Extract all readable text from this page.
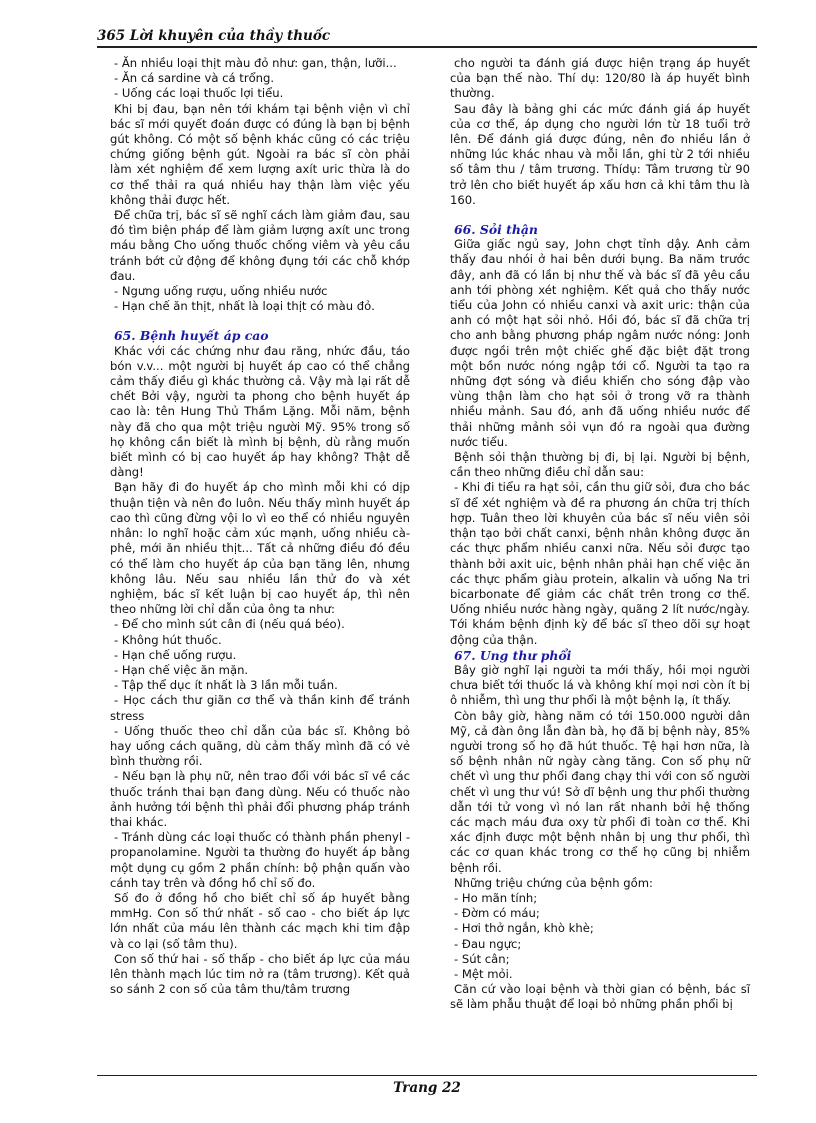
365 Lời khuyên của thầy thuốc

- Ăn nhiều loại thịt màu đỏ như: gan, thận, lưỡi...

- Ăn cá sardine và cá trổng.

- Uống các loại thuốc lợi tiểu.

Khi bị đau, bạn nên tới khám tại bệnh viện vì chỉ bác sĩ mới quyết đoán được có đúng là bạn bị bệnh gút không. Có một số bệnh khác cũng có các triệu chứng giống bệnh gút. Ngoài ra bác sĩ còn phải làm xét nghiệm để xem lượng axít uric thừa là do cơ thể thải ra quá nhiều hay thận làm việc yếu không thải được hết.

Để chữa trị, bác sĩ sẽ nghĩ cách làm giảm đau, sau đó tìm biện pháp để làm giảm lượng axít unc trong máu bằng Cho uống thuốc chống viêm và yêu cầu tránh bớt cử động để không đụng tới các chỗ khớp đau.

- Ngưng uống rượu, uống nhiều nước

- Hạn chế ăn thịt, nhất là loại thịt có màu đỏ.

65. Bệnh huyết áp cao

Khác với các chứng như đau răng, nhức đầu, táo bón v.v... một người bị huyết áp cao có thể chẳng cảm thấy điều gì khác thường cả. Vậy mà lại rất dễ chết Bởi vậy, người ta phong cho bệnh huyết áp cao là: tên Hung Thủ Thầm Lặng. Mỗi năm, bệnh này đã cho qua một triệu người Mỹ. 95% trong số họ không cần biết là mình bị bệnh, dù rằng muốn biết mình có bị cao huyết áp hay không? Thật dễ dàng!

Bạn hãy đi đo huyết áp cho mình mỗi khi có dịp thuận tiện và nên đo luôn. Nếu thấy mình huyết áp cao thì cũng đừng vội lo vì eo thể có nhiều nguyên nhân: lo nghĩ hoặc cảm xúc mạnh, uống nhiều cà-phê, mới ăn nhiều thịt... Tất cả những điều đó đều có thể làm cho huyết áp của bạn tăng lên, nhưng không lâu. Nếu sau nhiều lần thử đo và xét nghiệm, bác sĩ kết luận bị cao huyết áp, thì nên theo những lời chỉ dẫn của ông ta như:

- Để cho mình sút cân đi (nếu quá béo).

- Không hút thuốc.

- Hạn chế uống rượu.

- Hạn chế việc ăn mặn.

- Tập thể dục ít nhất là 3 lần mỗi tuần.

- Học cách thư giãn cơ thể và thần kinh để tránh stress

- Uống thuốc theo chỉ dẫn của bác sĩ. Không bỏ hay uống cách quãng, dù cảm thấy mình đã có vẻ bình thường rồi.

- Nếu bạn là phụ nữ, nên trao đổi với bác sĩ về các thuốc tránh thai bạn đang dùng. Nếu có thuốc nào ảnh hưởng tới bệnh thì phải đổi phương pháp tránh thai khác.

- Tránh dùng các loại thuốc có thành phần phenyl - propanolamine. Người ta thường đo huyết áp bằng một dụng cụ gồm 2 phần chính: bộ phận quấn vào cánh tay trên và đồng hồ chỉ số đo.

Số đo ở đồng hồ cho biết chỉ số áp huyết bằng mmHg. Con số thứ nhất - số cao - cho biết áp lực lớn nhất của máu lên thành các mạch khi tim đập và co lại (số tâm thu).

Con số thứ hai - số thấp - cho biết áp lực của máu lên thành mạch lúc tim nở ra (tâm trương). Kết quả so sánh 2 con số của tâm thu/tâm trương

cho người ta đánh giá được hiện trạng áp huyết của bạn thế nào. Thí dụ: 120/80 là áp huyết bình thường.

Sau đây là bảng ghi các mức đánh giá áp huyết của cơ thể, áp dụng cho người lớn từ 18 tuổi trở lên. Để đánh giá được đúng, nên đo nhiều lần ở những lúc khác nhau và mỗi lần, ghi từ 2 tới nhiều số tâm thu / tâm trương. Thídụ: Tâm trương từ 90 trở lên cho biết huyết áp xấu hơn cả khi tâm thu là 160.

66. Sỏi thận

Giữa giấc ngủ say, John chợt tỉnh dậy. Anh cảm thấy đau nhói ở hai bên dưới bụng. Ba năm trước đây, anh đã có lần bị như thế và bác sĩ đã yêu cầu anh tới phòng xét nghiệm. Kết quả cho thấy nước tiểu của John có nhiều canxi và axit uric: thận của anh có một hạt sỏi nhỏ. Hồi đó, bác sĩ đã chữa trị cho anh bằng phương pháp ngâm nước nóng: Jonh được ngồi trên một chiếc ghế đặc biệt đặt trong một bồn nước nóng ngập tới cổ. Người ta tạo ra những đợt sóng và điều khiển cho sóng đập vào vùng thận làm cho hạt sỏi ở trong vỡ ra thành nhiều mảnh. Sau đó, anh đã uống nhiều nước để thải những mảnh sỏi vụn đó ra ngoài qua đường nước tiểu.

Bệnh sỏi thận thường bị đi, bị lại. Người bị bệnh, cần theo những điều chỉ dẫn sau:

- Khi đi tiểu ra hạt sỏi, cần thu giữ sỏi, đưa cho bác sĩ để xét nghiệm và đề ra phương án chữa trị thích hợp. Tuân theo lời khuyên của bác sĩ nếu viên sỏi thận tạo bởi chất canxi, bệnh nhân không được ăn các thực phẩm nhiều canxi nữa. Nếu sỏi được tạo thành bởi axit uic, bệnh nhân phải hạn chế việc ăn các thực phẩm giàu protein, alkalin và uống Na tri bicarbonate để giảm các chất trên trong cơ thể. Uống nhiều nước hàng ngày, quãng 2 lít nước/ngày. Tới khám bệnh định kỳ để bác sĩ theo dõi sự hoạt động của thận.

67. Ung thư phổi

Bây giờ nghĩ lại người ta mới thấy, hồi mọi người chưa biết tới thuốc lá và không khí mọi nơi còn ít bị ô nhiễm, thì ung thư phổi là một bệnh lạ, ít thấy.

Còn bây giờ, hàng năm có tới 150.000 người dân Mỹ, cả đàn ông lẫn đàn bà, họ đã bị bệnh này, 85% người trong số họ đã hút thuốc. Tệ hại hơn nữa, là số bệnh nhân nữ ngày càng tăng. Con số phụ nữ chết vì ung thư phổi đang chạy thi với con số người chết vì ung thư vú! Sở dĩ bệnh ung thư phổi thường dẫn tới tử vong vì nó lan rất nhanh bởi hệ thống các mạch máu đưa oxy từ phổi đi toàn cơ thể. Khi xác định được một bệnh nhân bị ung thư phổi, thì các cơ quan khác trong cơ thể họ cũng bị nhiễm bệnh rồi.

Những triệu chứng của bệnh gồm:

- Ho mãn tính;

- Đờm có máu;

- Hơi thở ngắn, khò khè;

- Đau ngực;

- Sút cân;

- Mệt mỏi.

Căn cứ vào loại bệnh và thời gian có bệnh, bác sĩ sẽ làm phẫu thuật để loại bỏ những phần phổi bị

Trang 22
